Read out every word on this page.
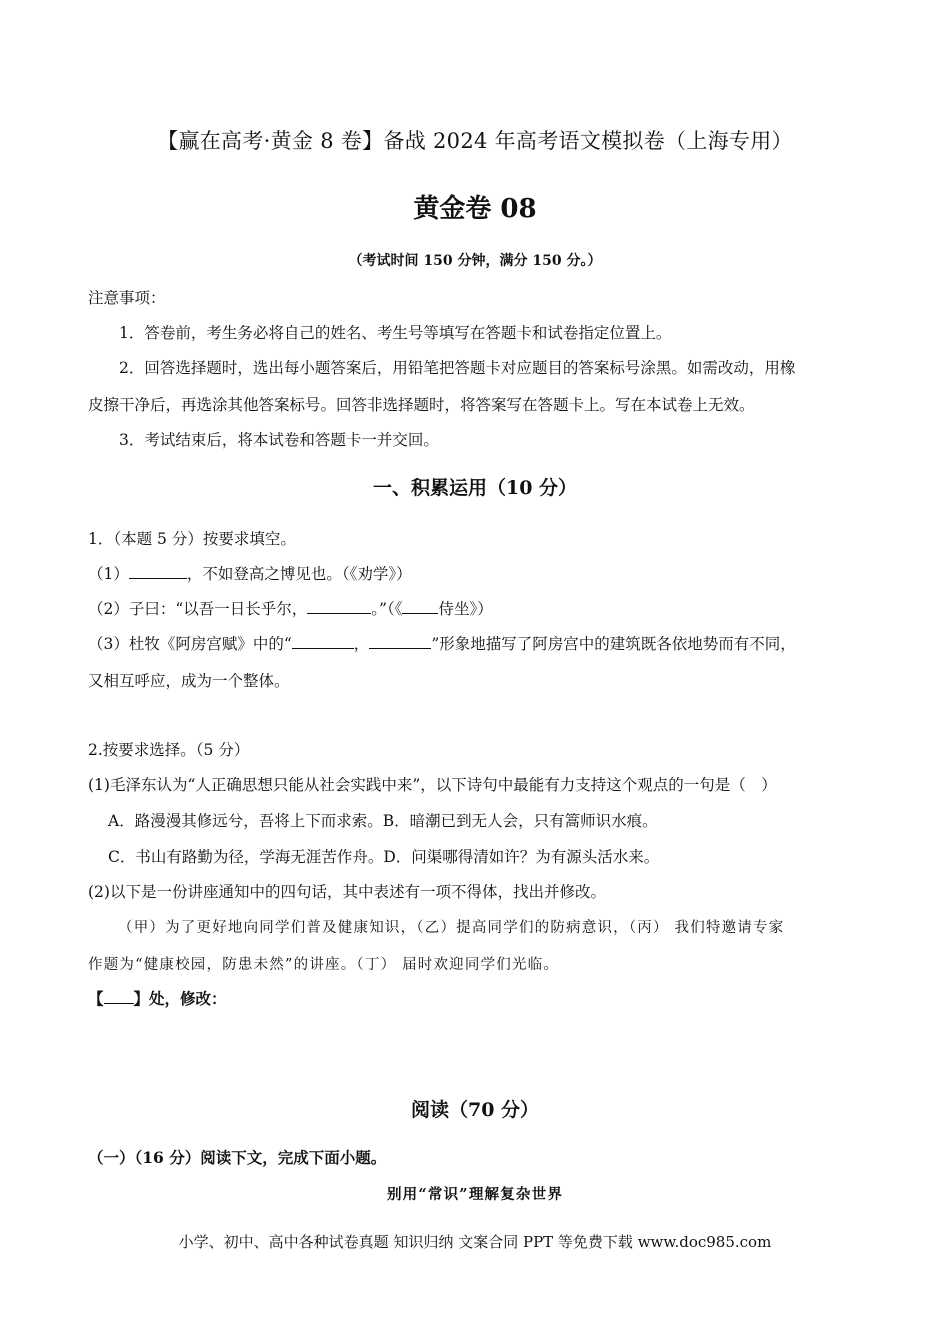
【赢在高考·黄金 8 卷】备战 2024 年高考语文模拟卷（上海专用）
黄金卷 08
（考试时间 150 分钟，满分 150 分。）
注意事项：
1．答卷前，考生务必将自己的姓名、考生号等填写在答题卡和试卷指定位置上。
2．回答选择题时，选出每小题答案后，用铅笔把答题卡对应题目的答案标号涂黑。如需改动，用橡
皮擦干净后，再选涂其他答案标号。回答非选择题时，将答案写在答题卡上。写在本试卷上无效。
3．考试结束后，将本试卷和答题卡一并交回。
一、积累运用（10 分）
1．（本题 5 分）按要求填空。
（1）	，不如登高之博见也。（《劝学》）
（2）子曰：“以吾一日长乎尔，	。”（《 侍坐》）
（3）杜牧《阿房宫赋》中的“	，	”形象地描写了阿房宫中的建筑既各依地势而有不同，
又相互呼应，成为一个整体。
2.按要求选择。（5 分）
(1)毛泽东认为“人正确思想只能从社会实践中来”，以下诗句中最能有力支持这个观点的一句是（　）
A．路漫漫其修远兮，吾将上下而求索。B．暗潮已到无人会，只有篙师识水痕。
C．书山有路勤为径，学海无涯苦作舟。D．问渠哪得清如许？为有源头活水来。
(2)以下是一份讲座通知中的四句话，其中表述有一项不得体，找出并修改。
（甲）为了更好地向同学们普及健康知识，（乙）提高同学们的防病意识，（丙） 我们特邀请专家
作题为“健康校园，防患未然”的讲座。（丁） 届时欢迎同学们光临。
【 】处，修改：
阅读（70 分）
（一）（16 分）阅读下文，完成下面小题。
别用“常识”理解复杂世界
小学、初中、高中各种试卷真题 知识归纳 文案合同 PPT 等免费下载 www.doc985.com
